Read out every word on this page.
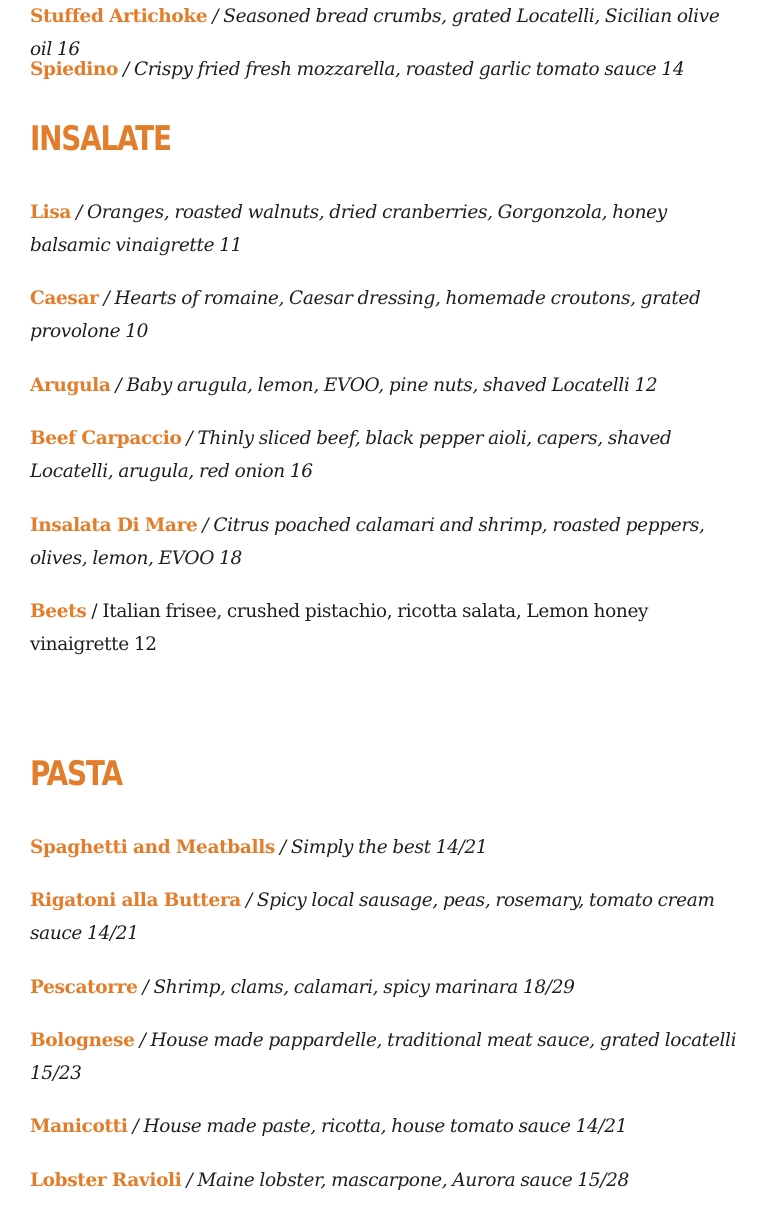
Stuffed Artichoke / Seasoned bread crumbs, grated Locatelli, Sicilian olive oil 16

Spiedino / Crispy fried fresh mozzarella, roasted garlic tomato sauce 14

INSALATE

Lisa / Oranges, roasted walnuts, dried cranberries, Gorgonzola, honey balsamic vinaigrette 11

Caesar / Hearts of romaine, Caesar dressing, homemade croutons, grated provolone 10

Arugula / Baby arugula, lemon, EVOO, pine nuts, shaved Locatelli 12

Beef Carpaccio / Thinly sliced beef, black pepper aioli, capers, shaved Locatelli, arugula, red onion 16

Insalata Di Mare / Citrus poached calamari and shrimp, roasted peppers, olives, lemon, EVOO 18

Beets / Italian frisee, crushed pistachio, ricotta salata, Lemon honey vinaigrette 12

PASTA

Spaghetti and Meatballs / Simply the best 14/21

Rigatoni alla Buttera / Spicy local sausage, peas, rosemary, tomato cream sauce 14/21

Pescatorre / Shrimp, clams, calamari, spicy marinara 18/29

Bolognese / House made pappardelle, traditional meat sauce, grated locatelli 15/23

Manicotti / House made paste, ricotta, house tomato sauce 14/21

Lobster Ravioli / Maine lobster, mascarpone, Aurora sauce 15/28
